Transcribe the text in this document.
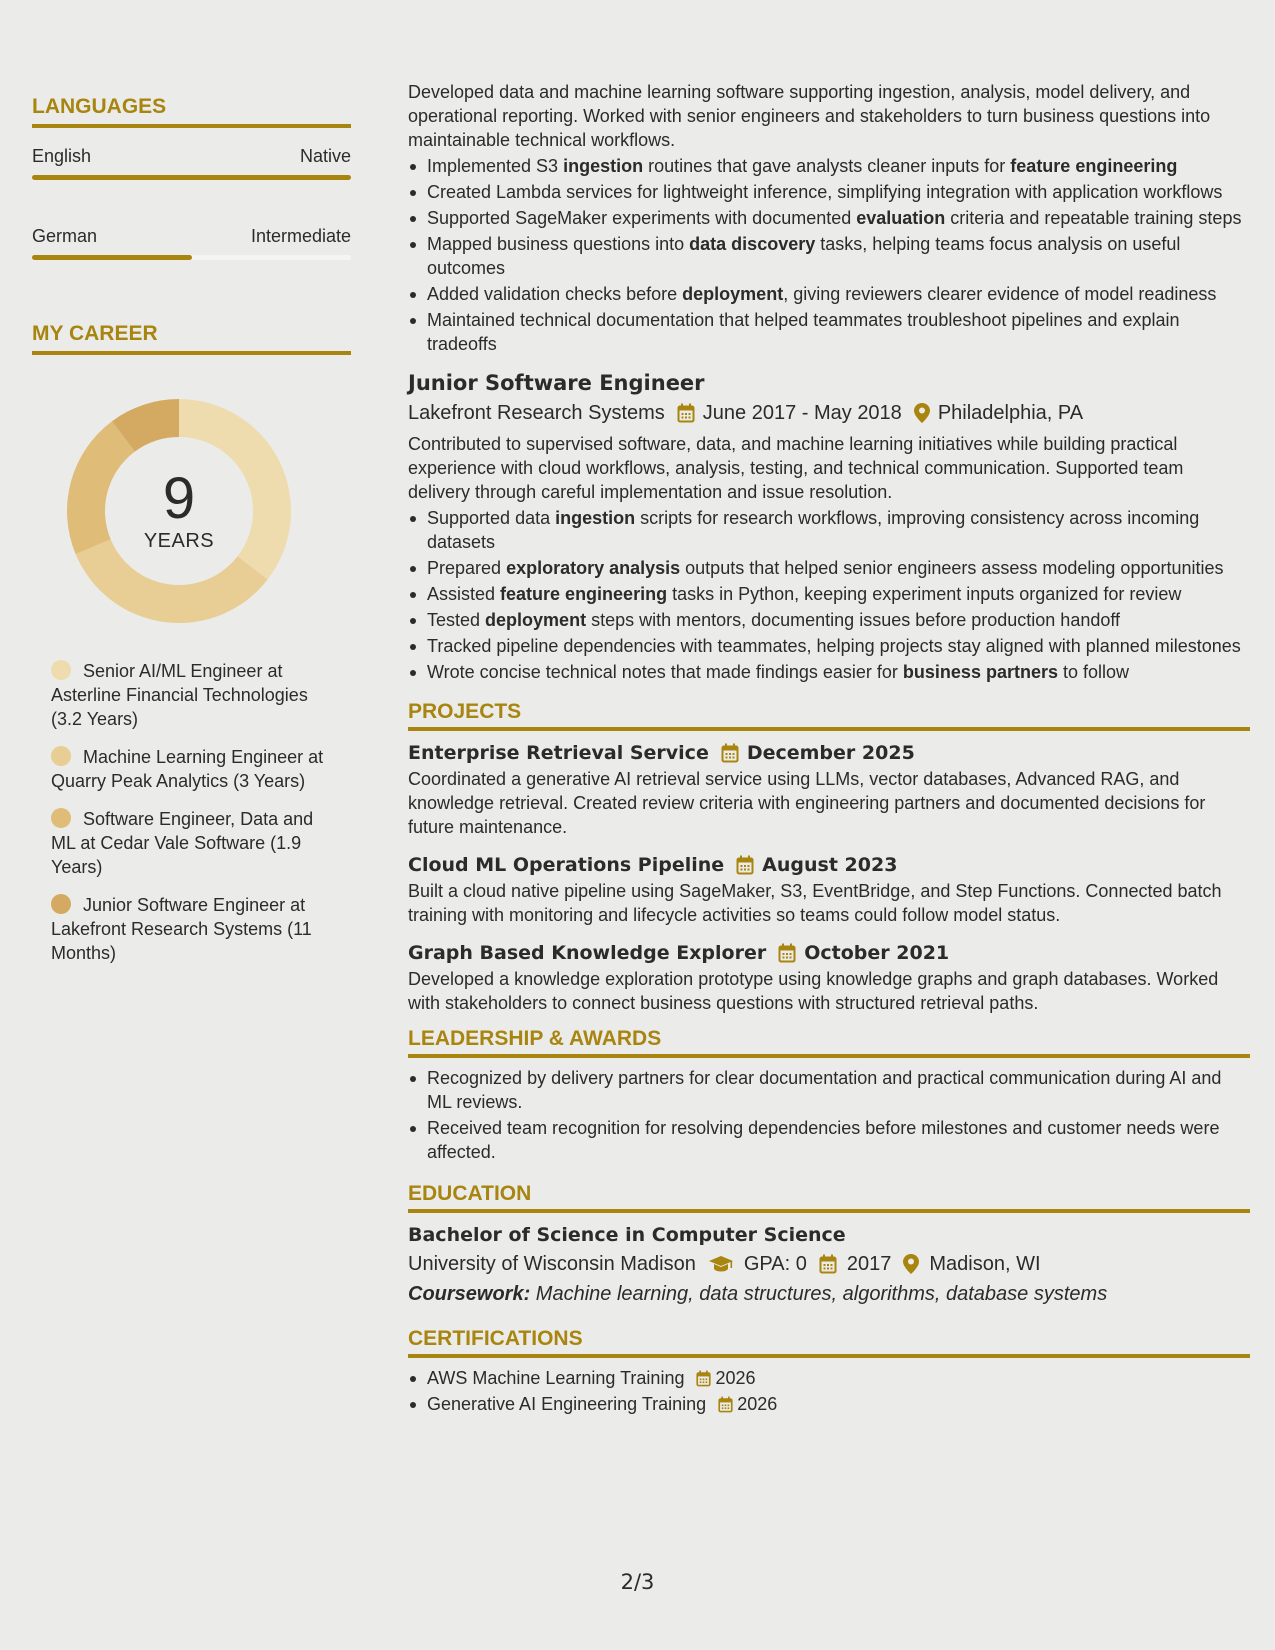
LANGUAGES
English	Native
German	Intermediate
MY CAREER
9
YEARS
Senior AI/ML Engineer at Asterline Financial Technologies (3.2 Years)
Machine Learning Engineer at Quarry Peak Analytics (3 Years)
Software Engineer, Data and ML at Cedar Vale Software (1.9 Years)
Junior Software Engineer at Lakefront Research Systems (11 Months)
Developed data and machine learning software supporting ingestion, analysis, model delivery, and operational reporting. Worked with senior engineers and stakeholders to turn business questions into maintainable technical workflows.
Implemented S3 ingestion routines that gave analysts cleaner inputs for feature engineering
Created Lambda services for lightweight inference, simplifying integration with application workflows
Supported SageMaker experiments with documented evaluation criteria and repeatable training steps
Mapped business questions into data discovery tasks, helping teams focus analysis on useful outcomes
Added validation checks before deployment, giving reviewers clearer evidence of model readiness
Maintained technical documentation that helped teammates troubleshoot pipelines and explain tradeoffs
Junior Software Engineer
Lakefront Research Systems June 2017 - May 2018 Philadelphia, PA
Contributed to supervised software, data, and machine learning initiatives while building practical experience with cloud workflows, analysis, testing, and technical communication. Supported team delivery through careful implementation and issue resolution.
Supported data ingestion scripts for research workflows, improving consistency across incoming datasets
Prepared exploratory analysis outputs that helped senior engineers assess modeling opportunities
Assisted feature engineering tasks in Python, keeping experiment inputs organized for review
Tested deployment steps with mentors, documenting issues before production handoff
Tracked pipeline dependencies with teammates, helping projects stay aligned with planned milestones
Wrote concise technical notes that made findings easier for business partners to follow
PROJECTS
Enterprise Retrieval Service December 2025
Coordinated a generative AI retrieval service using LLMs, vector databases, Advanced RAG, and knowledge retrieval. Created review criteria with engineering partners and documented decisions for future maintenance.
Cloud ML Operations Pipeline August 2023
Built a cloud native pipeline using SageMaker, S3, EventBridge, and Step Functions. Connected batch training with monitoring and lifecycle activities so teams could follow model status.
Graph Based Knowledge Explorer October 2021
Developed a knowledge exploration prototype using knowledge graphs and graph databases. Worked with stakeholders to connect business questions with structured retrieval paths.
LEADERSHIP & AWARDS
Recognized by delivery partners for clear documentation and practical communication during AI and ML reviews.
Received team recognition for resolving dependencies before milestones and customer needs were affected.
EDUCATION
Bachelor of Science in Computer Science
University of Wisconsin Madison GPA: 0 2017 Madison, WI
Coursework: Machine learning, data structures, algorithms, database systems
CERTIFICATIONS
AWS Machine Learning Training 2026
Generative AI Engineering Training 2026
2/3
